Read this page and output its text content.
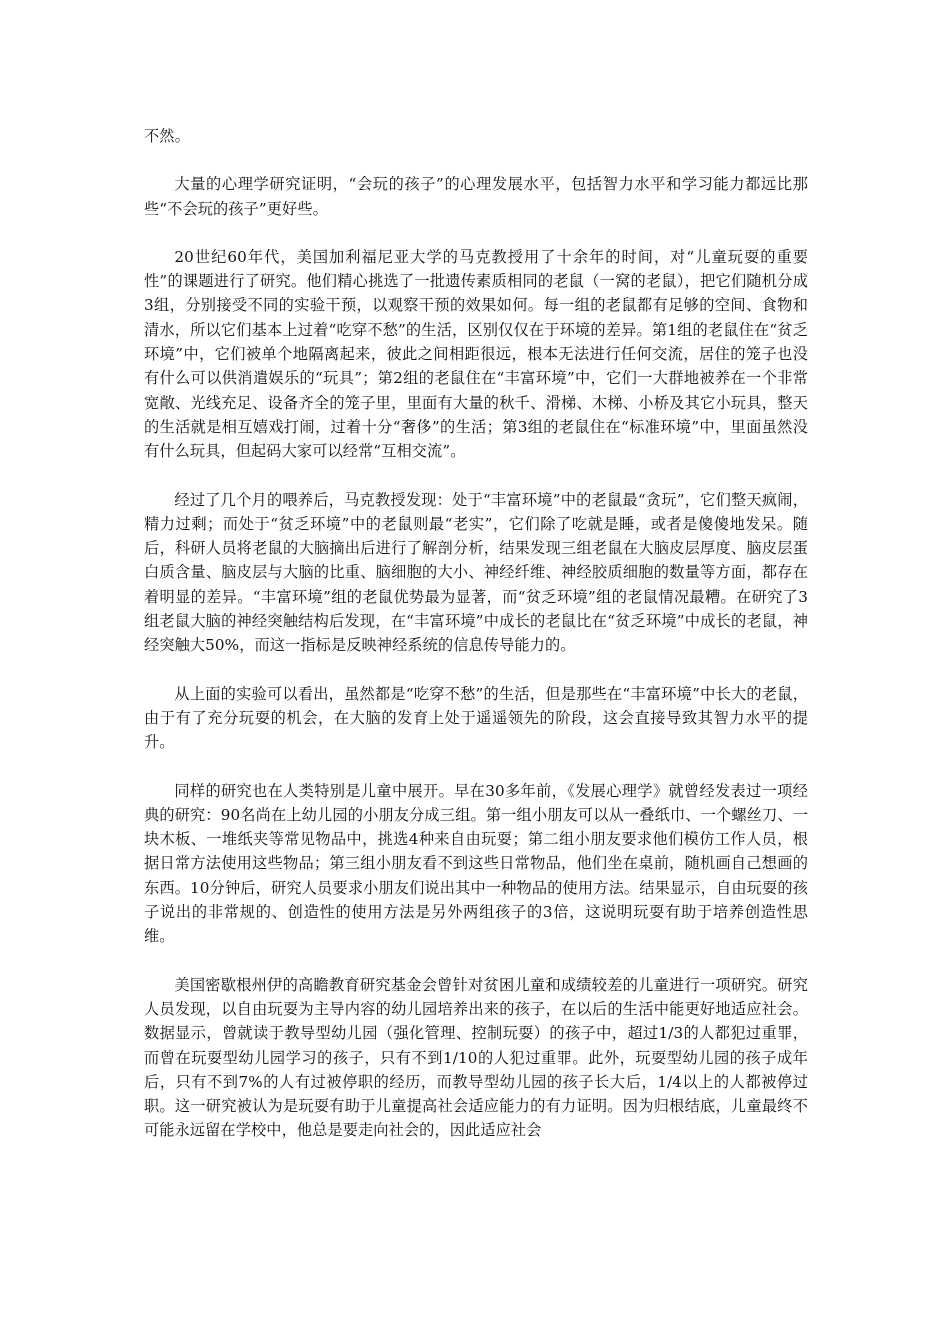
不然。

大量的心理学研究证明，“会玩的孩子”的心理发展水平，包括智力水平和学习能力都远比那些“不会玩的孩子”更好些。

20世纪60年代，美国加利福尼亚大学的马克教授用了十余年的时间，对“儿童玩耍的重要性”的课题进行了研究。他们精心挑选了一批遗传素质相同的老鼠（一窝的老鼠），把它们随机分成3组，分别接受不同的实验干预，以观察干预的效果如何。每一组的老鼠都有足够的空间、食物和清水，所以它们基本上过着“吃穿不愁”的生活，区别仅仅在于环境的差异。第1组的老鼠住在“贫乏环境”中，它们被单个地隔离起来，彼此之间相距很远，根本无法进行任何交流，居住的笼子也没有什么可以供消遣娱乐的“玩具”；第2组的老鼠住在“丰富环境”中，它们一大群地被养在一个非常宽敞、光线充足、设备齐全的笼子里，里面有大量的秋千、滑梯、木梯、小桥及其它小玩具，整天的生活就是相互嬉戏打闹，过着十分“奢侈”的生活；第3组的老鼠住在“标准环境”中，里面虽然没有什么玩具，但起码大家可以经常“互相交流”。

经过了几个月的喂养后，马克教授发现：处于“丰富环境”中的老鼠最“贪玩”，它们整天疯闹，精力过剩；而处于“贫乏环境”中的老鼠则最“老实”，它们除了吃就是睡，或者是傻傻地发呆。随后，科研人员将老鼠的大脑摘出后进行了解剖分析，结果发现三组老鼠在大脑皮层厚度、脑皮层蛋白质含量、脑皮层与大脑的比重、脑细胞的大小、神经纤维、神经胶质细胞的数量等方面，都存在着明显的差异。“丰富环境”组的老鼠优势最为显著，而“贫乏环境”组的老鼠情况最糟。在研究了3组老鼠大脑的神经突触结构后发现，在“丰富环境”中成长的老鼠比在“贫乏环境”中成长的老鼠，神经突触大50%，而这一指标是反映神经系统的信息传导能力的。

从上面的实验可以看出，虽然都是“吃穿不愁”的生活，但是那些在“丰富环境”中长大的老鼠，由于有了充分玩耍的机会，在大脑的发育上处于遥遥领先的阶段，这会直接导致其智力水平的提升。

同样的研究也在人类特别是儿童中展开。早在30多年前，《发展心理学》就曾经发表过一项经典的研究：90名尚在上幼儿园的小朋友分成三组。第一组小朋友可以从一叠纸巾、一个螺丝刀、一块木板、一堆纸夹等常见物品中，挑选4种来自由玩耍；第二组小朋友要求他们模仿工作人员，根据日常方法使用这些物品；第三组小朋友看不到这些日常物品，他们坐在桌前，随机画自己想画的东西。10分钟后，研究人员要求小朋友们说出其中一种物品的使用方法。结果显示，自由玩耍的孩子说出的非常规的、创造性的使用方法是另外两组孩子的3倍，这说明玩耍有助于培养创造性思维。

美国密歇根州伊的高瞻教育研究基金会曾针对贫困儿童和成绩较差的儿童进行一项研究。研究人员发现，以自由玩耍为主导内容的幼儿园培养出来的孩子，在以后的生活中能更好地适应社会。数据显示，曾就读于教导型幼儿园（强化管理、控制玩耍）的孩子中，超过1/3的人都犯过重罪，而曾在玩耍型幼儿园学习的孩子，只有不到1/10的人犯过重罪。此外，玩耍型幼儿园的孩子成年后，只有不到7%的人有过被停职的经历，而教导型幼儿园的孩子长大后，1/4以上的人都被停过职。这一研究被认为是玩耍有助于儿童提高社会适应能力的有力证明。因为归根结底，儿童最终不可能永远留在学校中，他总是要走向社会的，因此适应社会
